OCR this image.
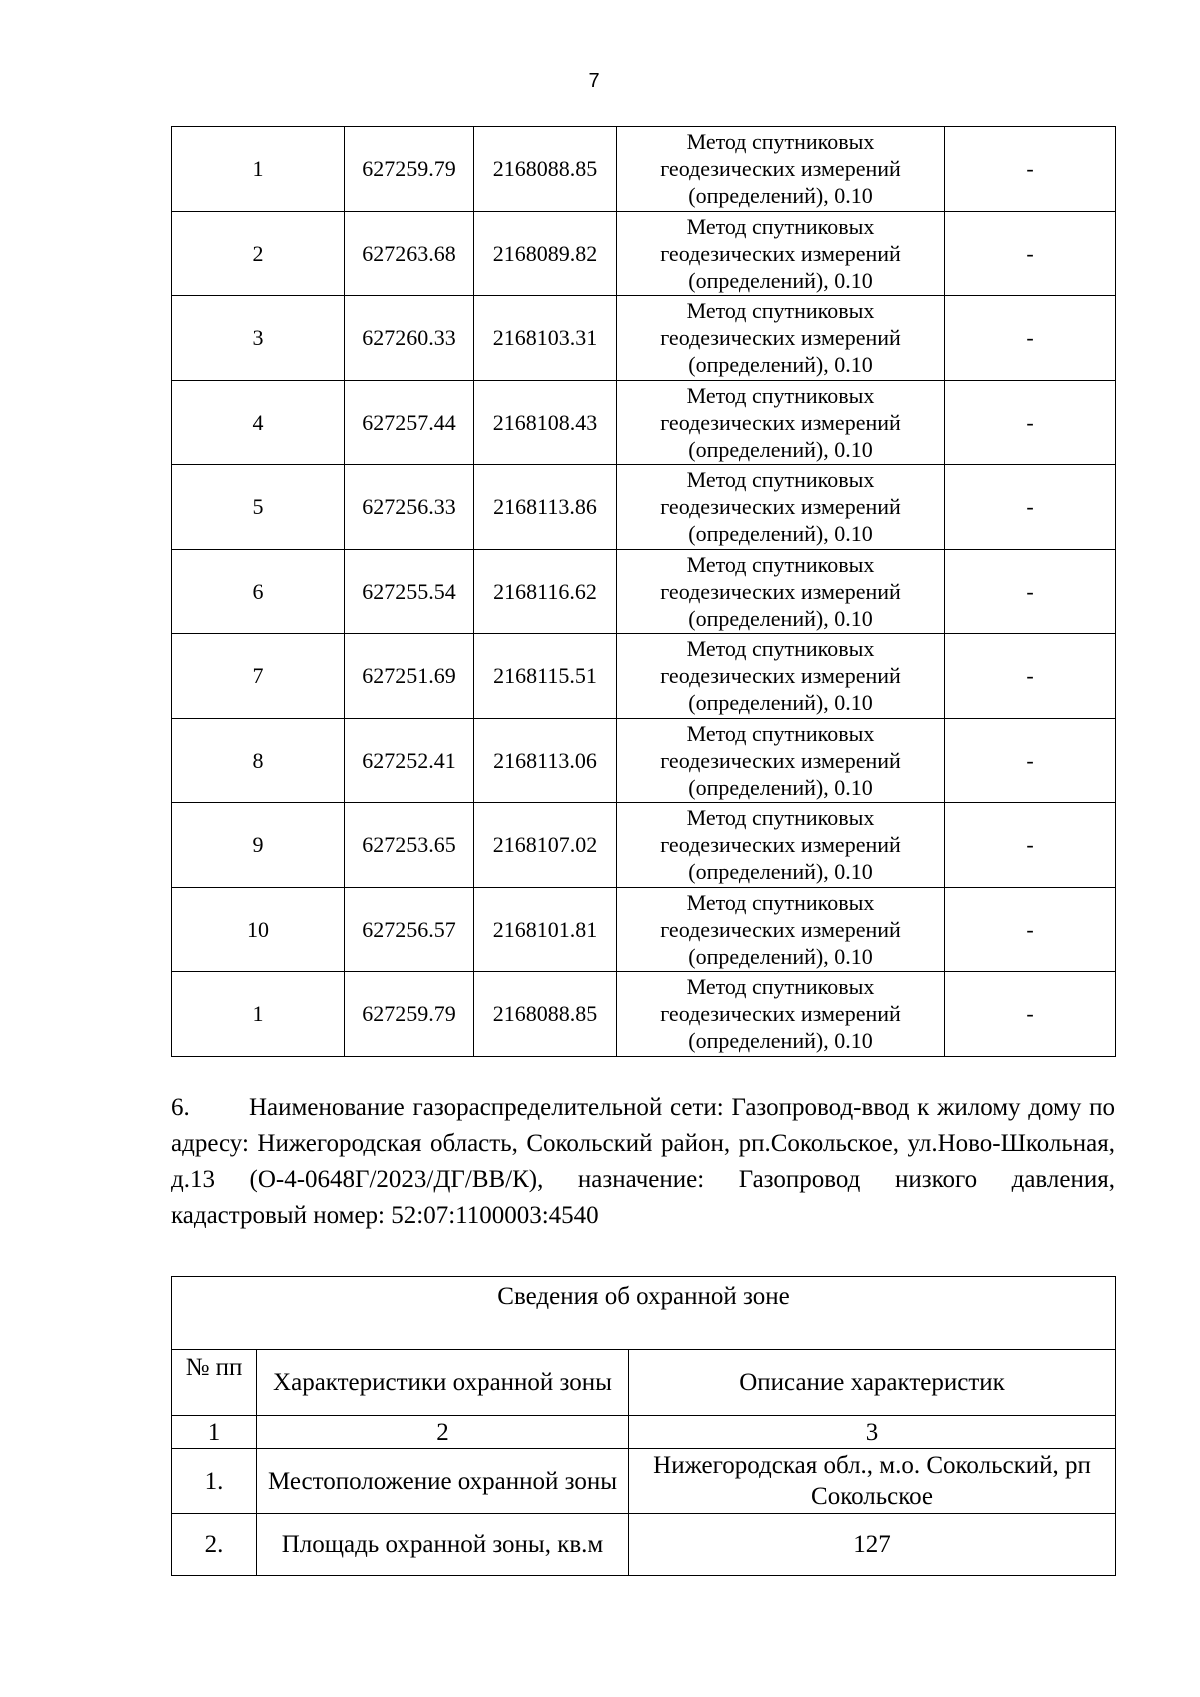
7
1	627259.79	2168088.85	Метод спутниковых
геодезических измерений
(определений), 0.10	-
2	627263.68	2168089.82	Метод спутниковых
геодезических измерений
(определений), 0.10	-
3	627260.33	2168103.31	Метод спутниковых
геодезических измерений
(определений), 0.10	-
4	627257.44	2168108.43	Метод спутниковых
геодезических измерений
(определений), 0.10	-
5	627256.33	2168113.86	Метод спутниковых
геодезических измерений
(определений), 0.10	-
6	627255.54	2168116.62	Метод спутниковых
геодезических измерений
(определений), 0.10	-
7	627251.69	2168115.51	Метод спутниковых
геодезических измерений
(определений), 0.10	-
8	627252.41	2168113.06	Метод спутниковых
геодезических измерений
(определений), 0.10	-
9	627253.65	2168107.02	Метод спутниковых
геодезических измерений
(определений), 0.10	-
10	627256.57	2168101.81	Метод спутниковых
геодезических измерений
(определений), 0.10	-
1	627259.79	2168088.85	Метод спутниковых
геодезических измерений
(определений), 0.10	-

6. Наименование газораспределительной сети: Газопровод-ввод к жилому дому по адресу: Нижегородская область, Сокольский район, рп.Сокольское, ул.Ново-Школьная, д.13 (О-4-0648Г/2023/ДГ/ВВ/К), назначение: Газопровод низкого давления, кадастровый номер: 52:07:1100003:4540

Сведения об охранной зоне		
№ пп	Характеристики охранной зоны	Описание характеристик
1	2	3
1.	Местоположение охранной зоны	Нижегородская обл., м.о. Сокольский, рп Сокольское
2.	Площадь охранной зоны, кв.м	127
